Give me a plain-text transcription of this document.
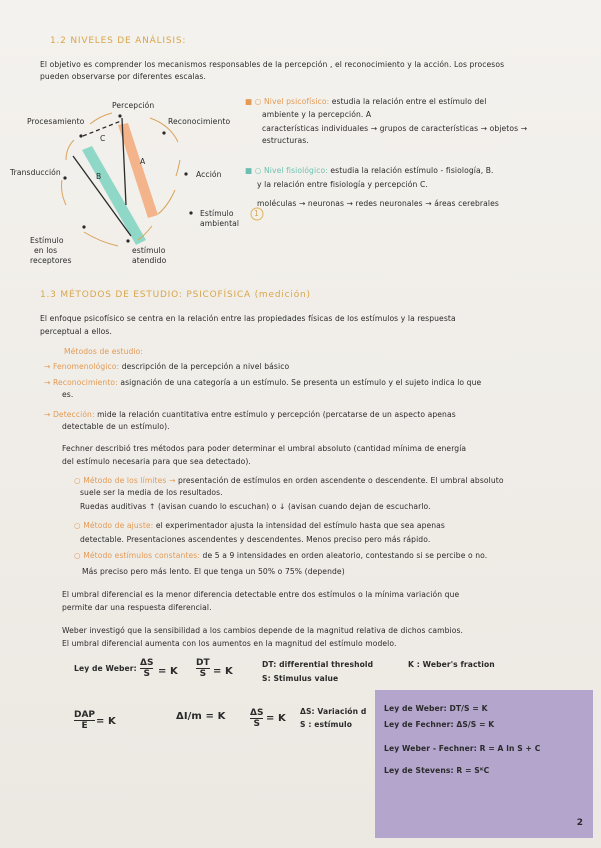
1.2 NIVELES DE ANÁLISIS:
El objetivo es comprender los mecanismos responsables de la percepción , el reconocimiento y la acción. Los procesos
pueden observarse por diferentes escalas.
Percepción
Procesamiento	Reconocimiento
Transducción	Acción
Estímulo
ambiental
Estímulo
en los
receptores
estímulo
atendido
A
B
C
1
■ ○ Nivel psicofísico: estudia la relación entre el estímulo del
ambiente y la percepción. A
características individuales → grupos de características → objetos →
estructuras.
■ ○ Nivel fisiológico: estudia la relación estímulo - fisiología, B.
y la relación entre fisiología y percepción C.
moléculas → neuronas → redes neuronales → áreas cerebrales
1.3 MÉTODOS DE ESTUDIO: PSICOFÍSICA (medición)
El enfoque psicofísico se centra en la relación entre las propiedades físicas de los estímulos y la respuesta
perceptual a ellos.
Métodos de estudio:
→ Fenomenológico: descripción de la percepción a nivel básico
→ Reconocimiento: asignación de una categoría a un estímulo. Se presenta un estímulo y el sujeto indica lo que
es.
→ Detección: mide la relación cuantitativa entre estímulo y percepción (percatarse de un aspecto apenas
detectable de un estímulo).
Fechner describió tres métodos para poder determinar el umbral absoluto (cantidad mínima de energía
del estímulo necesaria para que sea detectado).
○ Método de los límites → presentación de estímulos en orden ascendente o descendente. El umbral absoluto
suele ser la media de los resultados.
Ruedas auditivas ↑ (avisan cuando lo escuchan) o ↓ (avisan cuando dejan de escucharlo.
○ Método de ajuste: el experimentador ajusta la intensidad del estímulo hasta que sea apenas
detectable. Presentaciones ascendentes y descendentes. Menos preciso pero más rápido.
○ Método estímulos constantes: de 5 a 9 intensidades en orden aleatorio, contestando si se percibe o no.
Más preciso pero más lento. El que tenga un 50% o 75% (depende)
El umbral diferencial es la menor diferencia detectable entre dos estímulos o la mínima variación que
permite dar una respuesta diferencial.
Weber investigó que la sensibilidad a los cambios depende de la magnitud relativa de dichos cambios.
El umbral diferencial aumenta con los aumentos en la magnitud del estímulo modelo.
Ley de Weber: $\frac{\Delta S}{S} = K \frac{DT}{S} = K$
DT: differential threshold
S: Stimulus value
K : Weber's fraction
DAP
E = K	ΔI/m = K	$\frac{\Delta S}{S} = K$
ΔS: Variación d
S : estímulo
Ley de Weber: DT/S = K
Ley de Fechner: ΔS/S = K
Ley Weber - Fechner: R = A ln S + C
Ley de Stevens: R = SᴷC
2
